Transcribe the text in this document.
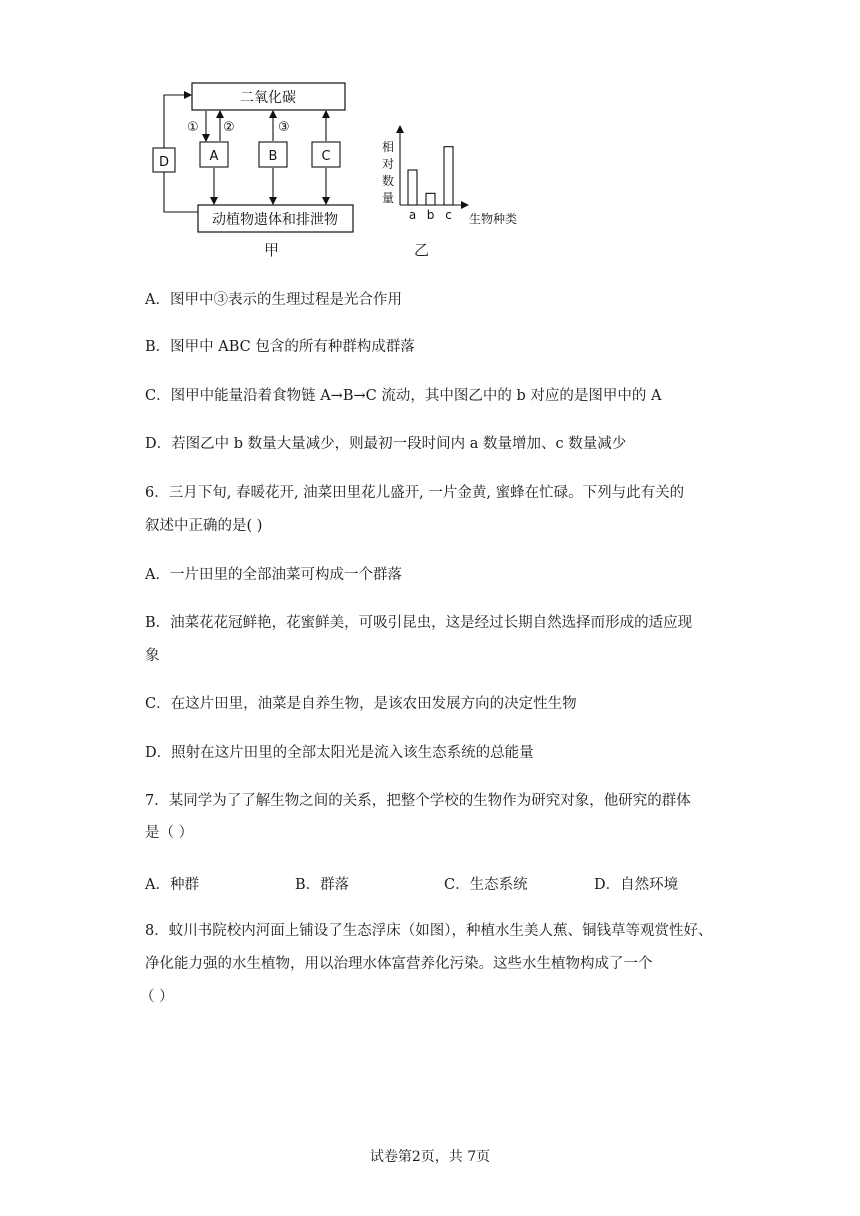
二氧化碳
动植物遗体和排泄物
D	A	B	C
① ②	③
相
对
数
量
生物种类
a b c
甲	乙
A．图甲中③表示的生理过程是光合作用
B．图甲中 ABC 包含的所有种群构成群落
C．图甲中能量沿着食物链 A→B→C 流动，其中图乙中的 b 对应的是图甲中的 A
D．若图乙中 b 数量大量减少，则最初一段时间内 a 数量增加、c 数量减少
6．三月下旬, 春暖花开, 油菜田里花儿盛开, 一片金黄, 蜜蜂在忙碌。下列与此有关的
叙述中正确的是( )
A．一片田里的全部油菜可构成一个群落
B．油菜花花冠鲜艳，花蜜鲜美，可吸引昆虫，这是经过长期自然选择而形成的适应现
象
C．在这片田里，油菜是自养生物，是该农田发展方向的决定性生物
D．照射在这片田里的全部太阳光是流入该生态系统的总能量
7．某同学为了了解生物之间的关系，把整个学校的生物作为研究对象，他研究的群体
是（ ）
A．种群	B．群落	C．生态系统	D．自然环境
8．蚊川书院校内河面上铺设了生态浮床（如图），种植水生美人蕉、铜钱草等观赏性好、
净化能力强的水生植物，用以治理水体富营养化污染。这些水生植物构成了一个
（ ）
试卷第2页，共 7页
